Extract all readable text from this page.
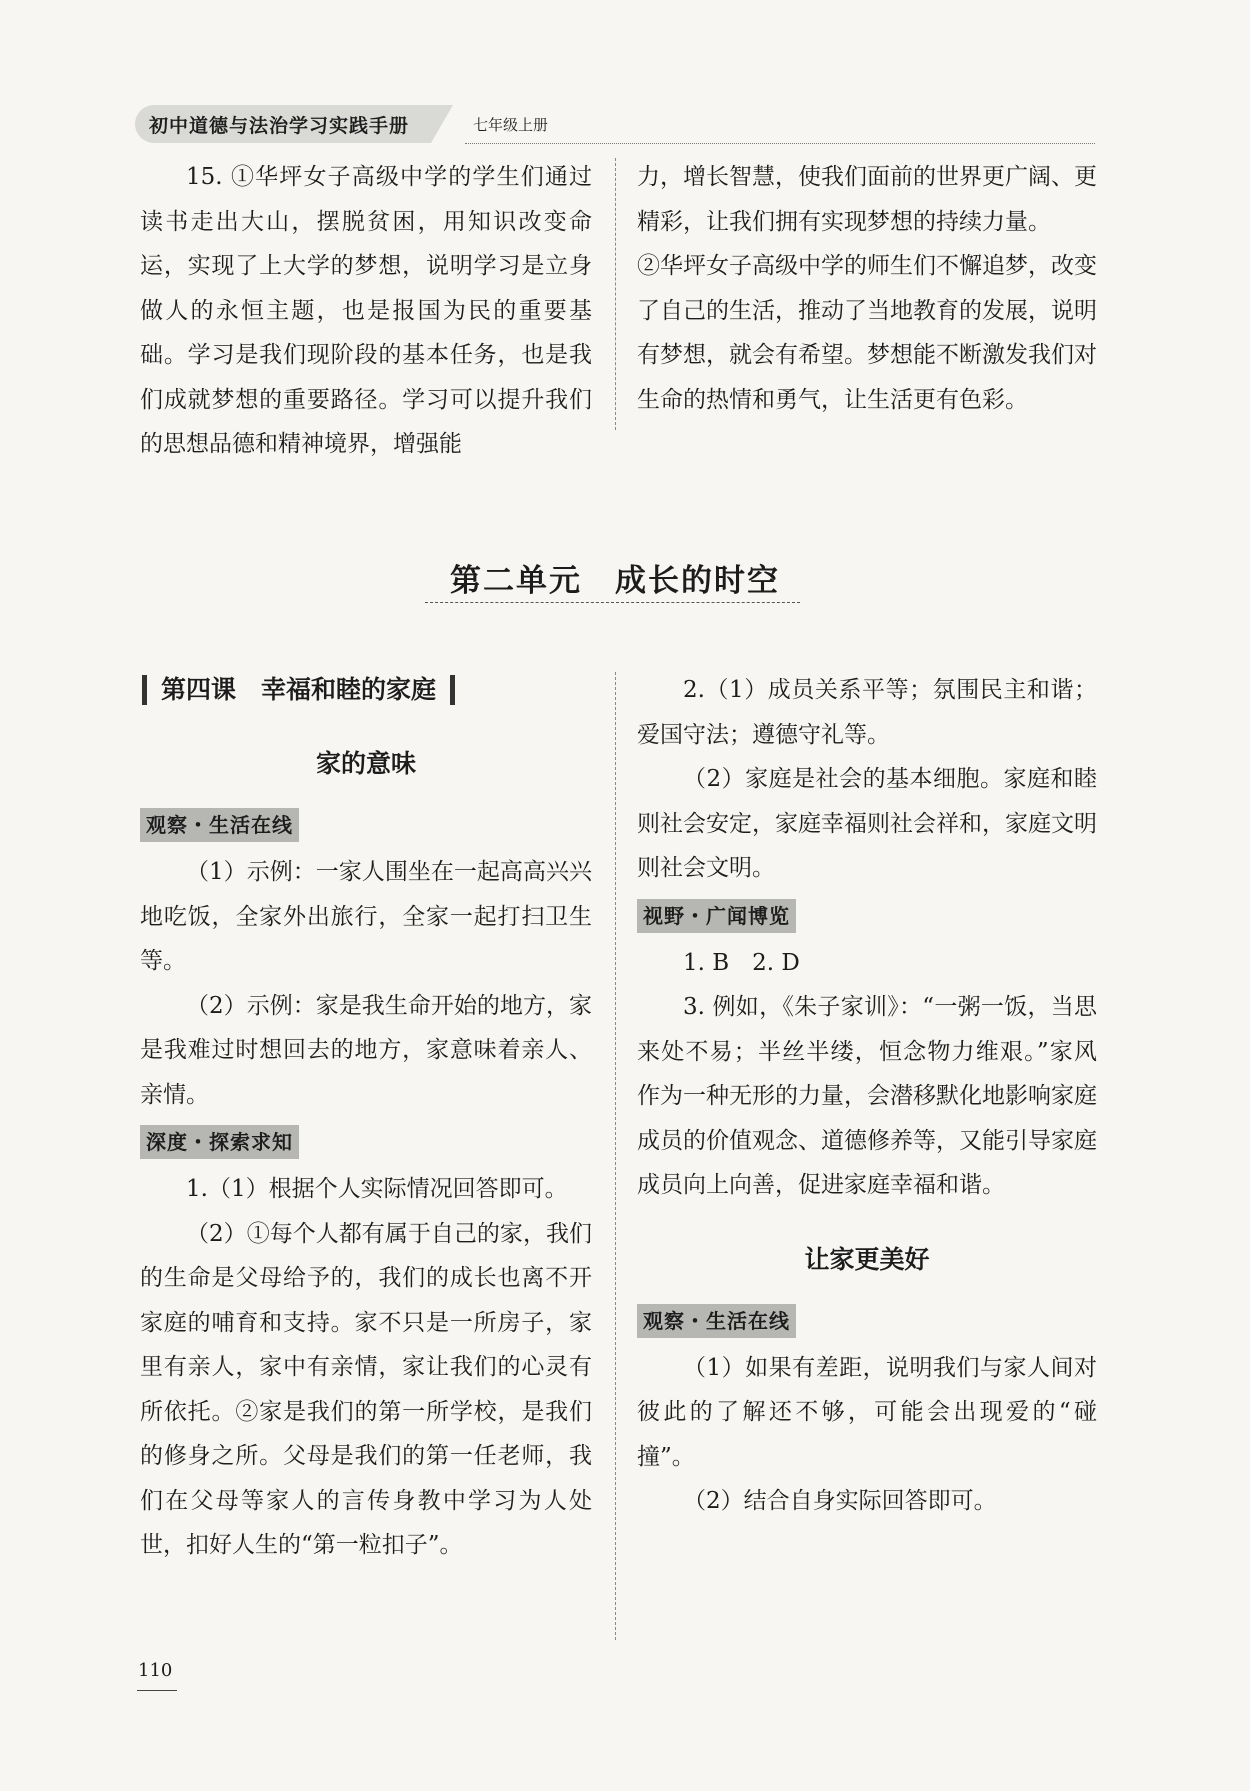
初中道德与法治学习实践手册	七年级上册

15. ①华坪女子高级中学的学生们通过读书走出大山，摆脱贫困，用知识改变命运，实现了上大学的梦想，说明学习是立身做人的永恒主题，也是报国为民的重要基础。学习是我们现阶段的基本任务，也是我们成就梦想的重要路径。学习可以提升我们的思想品德和精神境界，增强能

力，增长智慧，使我们面前的世界更广阔、更精彩，让我们拥有实现梦想的持续力量。

②华坪女子高级中学的师生们不懈追梦，改变了自己的生活，推动了当地教育的发展，说明有梦想，就会有希望。梦想能不断激发我们对生命的热情和勇气，让生活更有色彩。

第二单元　成长的时空
第四课　幸福和睦的家庭
家的意味
观察・生活在线

（1）示例：一家人围坐在一起高高兴兴地吃饭，全家外出旅行，全家一起打扫卫生等。

（2）示例：家是我生命开始的地方，家是我难过时想回去的地方，家意味着亲人、亲情。

深度・探索求知

1.（1）根据个人实际情况回答即可。

（2）①每个人都有属于自己的家，我们的生命是父母给予的，我们的成长也离不开家庭的哺育和支持。家不只是一所房子，家里有亲人，家中有亲情，家让我们的心灵有所依托。②家是我们的第一所学校，是我们的修身之所。父母是我们的第一任老师，我们在父母等家人的言传身教中学习为人处世，扣好人生的“第一粒扣子”。

2.（1）成员关系平等；氛围民主和谐；爱国守法；遵德守礼等。

（2）家庭是社会的基本细胞。家庭和睦则社会安定，家庭幸福则社会祥和，家庭文明则社会文明。

视野・广闻博览

1. B　2. D

3. 例如，《朱子家训》：“一粥一饭，当思来处不易；半丝半缕，恒念物力维艰。”家风作为一种无形的力量，会潜移默化地影响家庭成员的价值观念、道德修养等，又能引导家庭成员向上向善，促进家庭幸福和谐。

让家更美好
观察・生活在线

（1）如果有差距，说明我们与家人间对彼此的了解还不够，可能会出现爱的“碰撞”。

（2）结合自身实际回答即可。

110
